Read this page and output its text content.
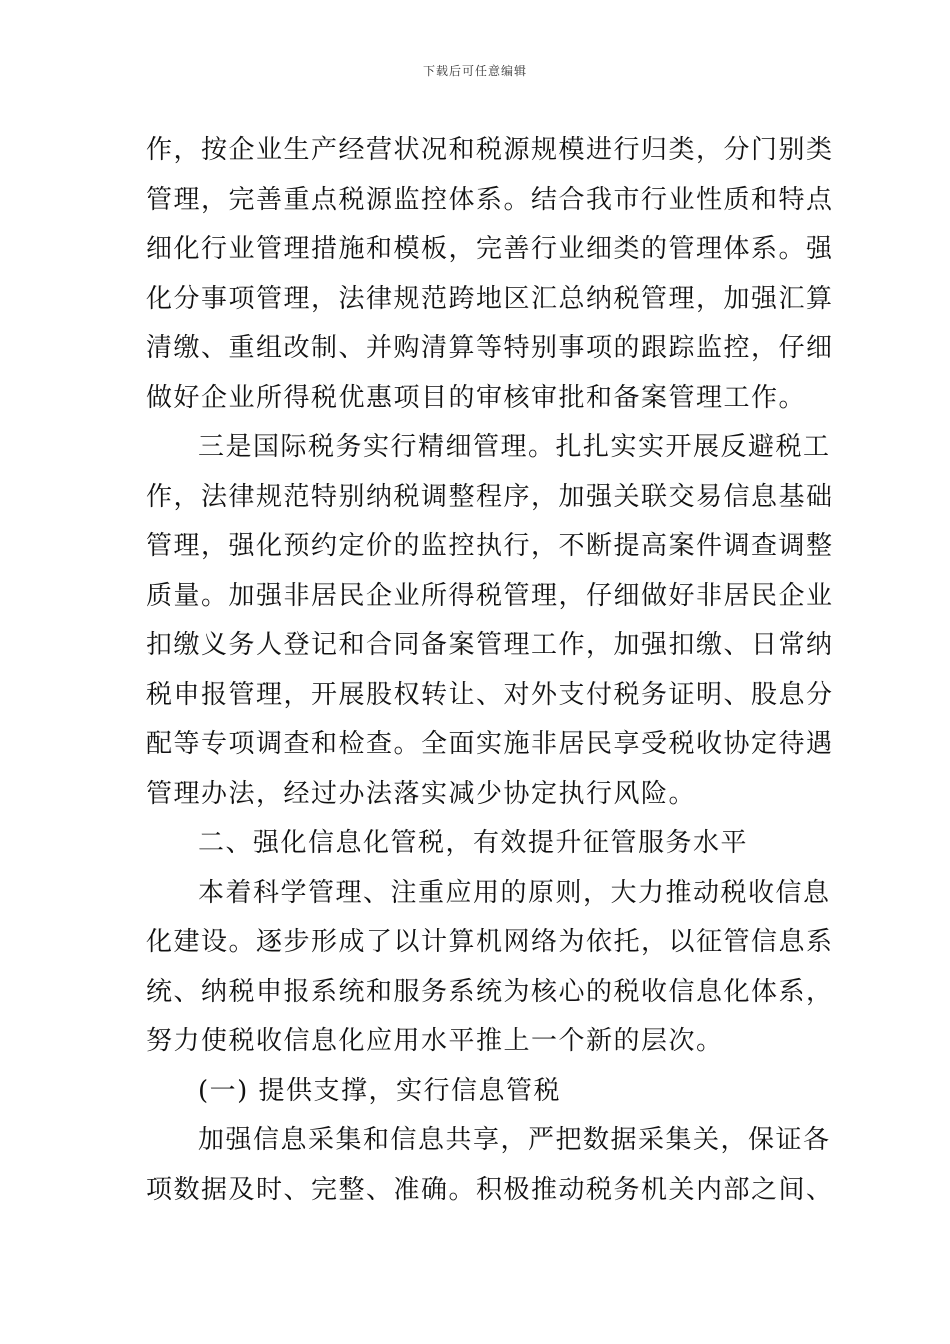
下载后可任意编辑
作，按企业生产经营状况和税源规模进行归类，分门别类
管理，完善重点税源监控体系。结合我市行业性质和特点
细化行业管理措施和模板，完善行业细类的管理体系。强
化分事项管理，法律规范跨地区汇总纳税管理，加强汇算
清缴、重组改制、并购清算等特别事项的跟踪监控，仔细
做好企业所得税优惠项目的审核审批和备案管理工作。
三是国际税务实行精细管理。扎扎实实开展反避税工
作，法律规范特别纳税调整程序，加强关联交易信息基础
管理，强化预约定价的监控执行，不断提高案件调查调整
质量。加强非居民企业所得税管理，仔细做好非居民企业
扣缴义务人登记和合同备案管理工作，加强扣缴、日常纳
税申报管理，开展股权转让、对外支付税务证明、股息分
配等专项调查和检查。全面实施非居民享受税收协定待遇
管理办法，经过办法落实减少协定执行风险。
二、强化信息化管税，有效提升征管服务水平
本着科学管理、注重应用的原则，大力推动税收信息
化建设。逐步形成了以计算机网络为依托，以征管信息系
统、纳税申报系统和服务系统为核心的税收信息化体系，
努力使税收信息化应用水平推上一个新的层次。
(一) 提供支撑，实行信息管税
加强信息采集和信息共享，严把数据采集关，保证各
项数据及时、完整、准确。积极推动税务机关内部之间、
